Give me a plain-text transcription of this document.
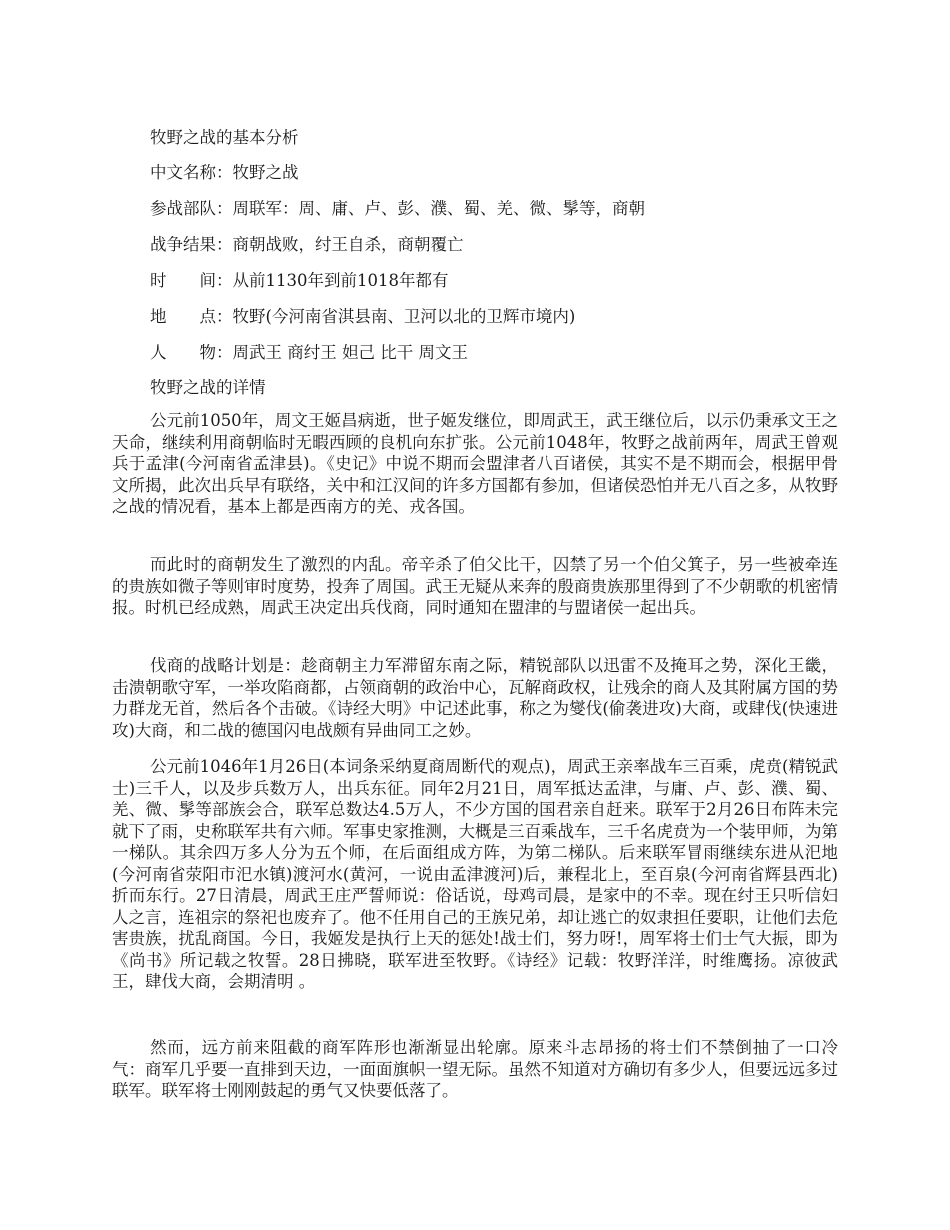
牧野之战的基本分析
中文名称：牧野之战
参战部队：周联军：周、庸、卢、彭、濮、蜀、羌、微、髳等，商朝
战争结果：商朝战败，纣王自杀，商朝覆亡
时　　间：从前1130年到前1018年都有
地　　点：牧野(今河南省淇县南、卫河以北的卫辉市境内)
人　　物：周武王 商纣王 妲己 比干 周文王
牧野之战的详情

公元前1050年，周文王姬昌病逝，世子姬发继位，即周武王，武王继位后，以示仍秉承文王之天命，继续利用商朝临时无暇西顾的良机向东扩张。公元前1048年，牧野之战前两年，周武王曾观兵于孟津(今河南省孟津县)。《史记》中说不期而会盟津者八百诸侯，其实不是不期而会，根据甲骨文所揭，此次出兵早有联络，关中和江汉间的许多方国都有参加，但诸侯恐怕并无八百之多，从牧野之战的情况看，基本上都是西南方的羌、戎各国。

而此时的商朝发生了激烈的内乱。帝辛杀了伯父比干，囚禁了另一个伯父箕子，另一些被牵连的贵族如微子等则审时度势，投奔了周国。武王无疑从来奔的殷商贵族那里得到了不少朝歌的机密情报。时机已经成熟，周武王决定出兵伐商，同时通知在盟津的与盟诸侯一起出兵。

伐商的战略计划是：趁商朝主力军滞留东南之际，精锐部队以迅雷不及掩耳之势，深化王畿，击溃朝歌守军，一举攻陷商都，占领商朝的政治中心，瓦解商政权，让残余的商人及其附属方国的势力群龙无首，然后各个击破。《诗经大明》中记述此事，称之为燮伐(偷袭进攻)大商，或肆伐(快速进攻)大商，和二战的德国闪电战颇有异曲同工之妙。

公元前1046年1月26日(本词条采纳夏商周断代的观点)，周武王亲率战车三百乘，虎贲(精锐武士)三千人，以及步兵数万人，出兵东征。同年2月21日，周军抵达孟津，与庸、卢、彭、濮、蜀、羌、微、髳等部族会合，联军总数达4.5万人，不少方国的国君亲自赶来。联军于2月26日布阵未完就下了雨，史称联军共有六师。军事史家推测，大概是三百乘战车，三千名虎贲为一个装甲师，为第一梯队。其余四万多人分为五个师，在后面组成方阵，为第二梯队。后来联军冒雨继续东进从汜地(今河南省荥阳市汜水镇)渡河水(黄河，一说由孟津渡河)后，兼程北上，至百泉(今河南省辉县西北)折而东行。27日清晨，周武王庄严誓师说：俗话说，母鸡司晨，是家中的不幸。现在纣王只听信妇人之言，连祖宗的祭祀也废弃了。他不任用自己的王族兄弟，却让逃亡的奴隶担任要职，让他们去危害贵族，扰乱商国。今日，我姬发是执行上天的惩处!战士们，努力呀!，周军将士们士气大振，即为《尚书》所记载之牧誓。28日拂晓，联军进至牧野。《诗经》记载：牧野洋洋，时维鹰扬。凉彼武王，肆伐大商，会期清明 。

然而，远方前来阻截的商军阵形也渐渐显出轮廓。原来斗志昂扬的将士们不禁倒抽了一口冷气：商军几乎要一直排到天边，一面面旗帜一望无际。虽然不知道对方确切有多少人，但要远远多过联军。联军将士刚刚鼓起的勇气又快要低落了。
